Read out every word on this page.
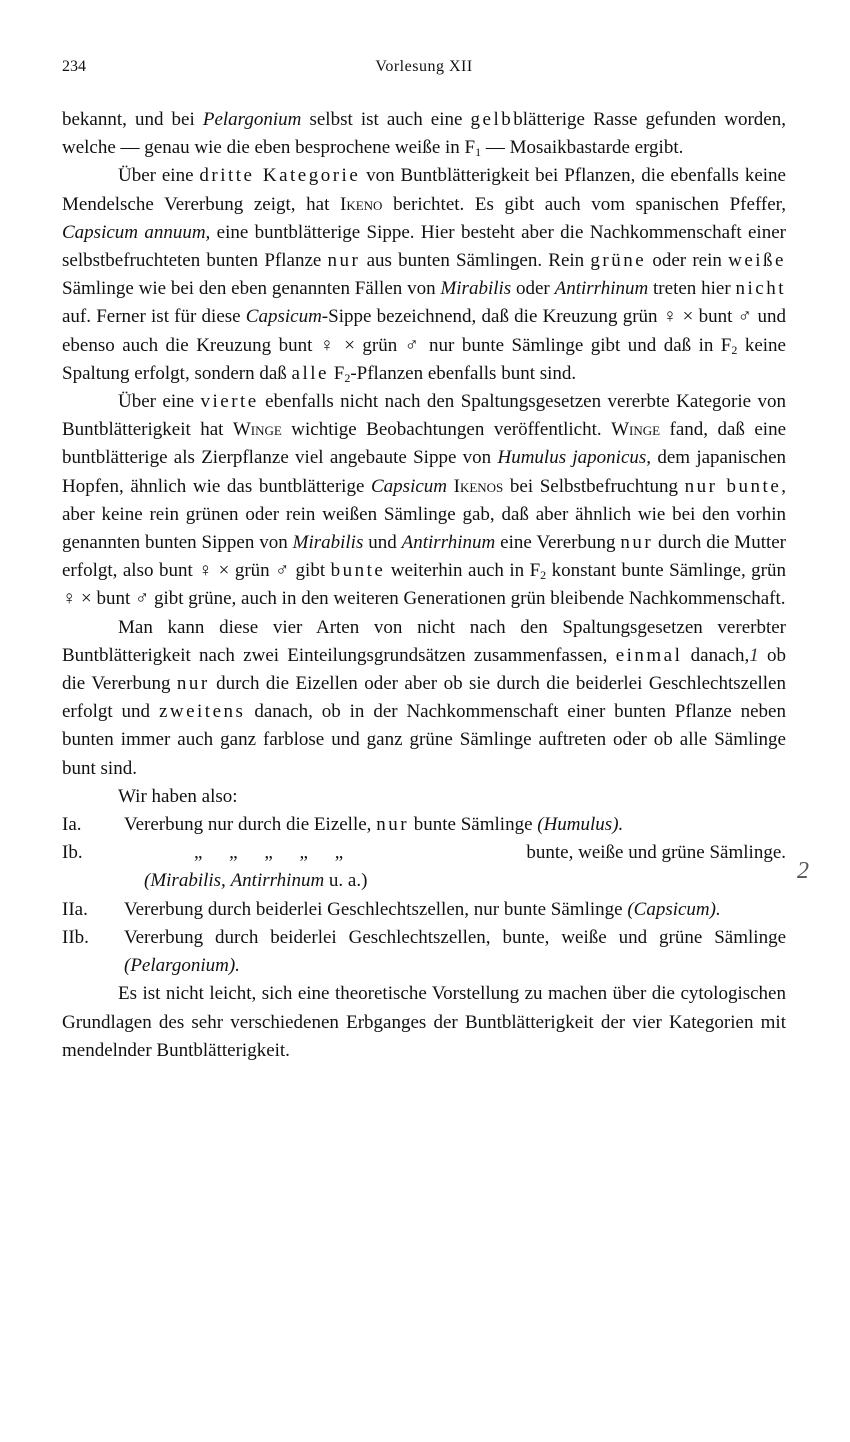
234	Vorlesung XII

bekannt, und bei Pelargonium selbst ist auch eine gelbblätterige Rasse gefunden worden, welche — genau wie die eben besprochene weiße in $F_1$ — Mosaikbastarde ergibt.

Über eine dritte Kategorie von Buntblätterigkeit bei Pflanzen, die ebenfalls keine Mendelsche Vererbung zeigt, hat Ikeno berichtet. Es gibt auch vom spanischen Pfeffer, Capsicum annuum, eine buntblätterige Sippe. Hier besteht aber die Nachkommenschaft einer selbstbefruchteten bunten Pflanze nur aus bunten Sämlingen. Rein grüne oder rein weiße Sämlinge wie bei den eben genannten Fällen von Mirabilis oder Antirrhinum treten hier nicht auf. Ferner ist für diese Capsicum-Sippe bezeichnend, daß die Kreuzung grün ♀ × bunt ♂ und ebenso auch die Kreuzung bunt ♀ × grün ♂ nur bunte Sämlinge gibt und daß in $F_2$ keine Spaltung erfolgt, sondern daß alle $F_2$-Pflanzen ebenfalls bunt sind.

Über eine vierte ebenfalls nicht nach den Spaltungsgesetzen vererbte Kategorie von Buntblätterigkeit hat Winge wichtige Beobachtungen veröffentlicht. Winge fand, daß eine buntblätterige als Zierpflanze viel angebaute Sippe von Humulus japonicus, dem japanischen Hopfen, ähnlich wie das buntblätterige Capsicum Ikenos bei Selbstbefruchtung nur bunte, aber keine rein grünen oder rein weißen Sämlinge gab, daß aber ähnlich wie bei den vorhin genannten bunten Sippen von Mirabilis und Antirrhinum eine Vererbung nur durch die Mutter erfolgt, also bunt ♀ × grün ♂ gibt bunte weiterhin auch in $F_2$ konstant bunte Sämlinge, grün ♀ × bunt ♂ gibt grüne, auch in den weiteren Generationen grün bleibende Nachkommenschaft.

Man kann diese vier Arten von nicht nach den Spaltungsgesetzen vererbter Buntblätterigkeit nach zwei Einteilungsgrundsätzen zusammenfassen, einmal danach,1 ob die Vererbung nur durch die Eizellen oder aber ob sie durch die beiderlei Geschlechtszellen erfolgt und zweitens danach, ob in der Nachkommenschaft einer bunten Pflanze neben bunten immer auch ganz farblose und ganz grüne Sämlinge auftreten oder ob alle Sämlinge bunt sind.

Wir haben also:

Ia.	Vererbung nur durch die Eizelle, nur bunte Sämlinge (Humulus).
Ib.	„ „ „ „ „	bunte, weiße und grüne Sämlinge.
(Mirabilis, Antirrhinum u. a.)
IIa.	Vererbung durch beiderlei Geschlechtszellen, nur bunte Sämlinge (Capsicum).
IIb.	Vererbung durch beiderlei Geschlechtszellen, bunte, weiße und grüne Sämlinge (Pelargonium).

Es ist nicht leicht, sich eine theoretische Vorstellung zu machen über die cytologischen Grundlagen des sehr verschiedenen Erbganges der Buntblätterigkeit der vier Kategorien mit mendelnder Buntblätterigkeit.

2
